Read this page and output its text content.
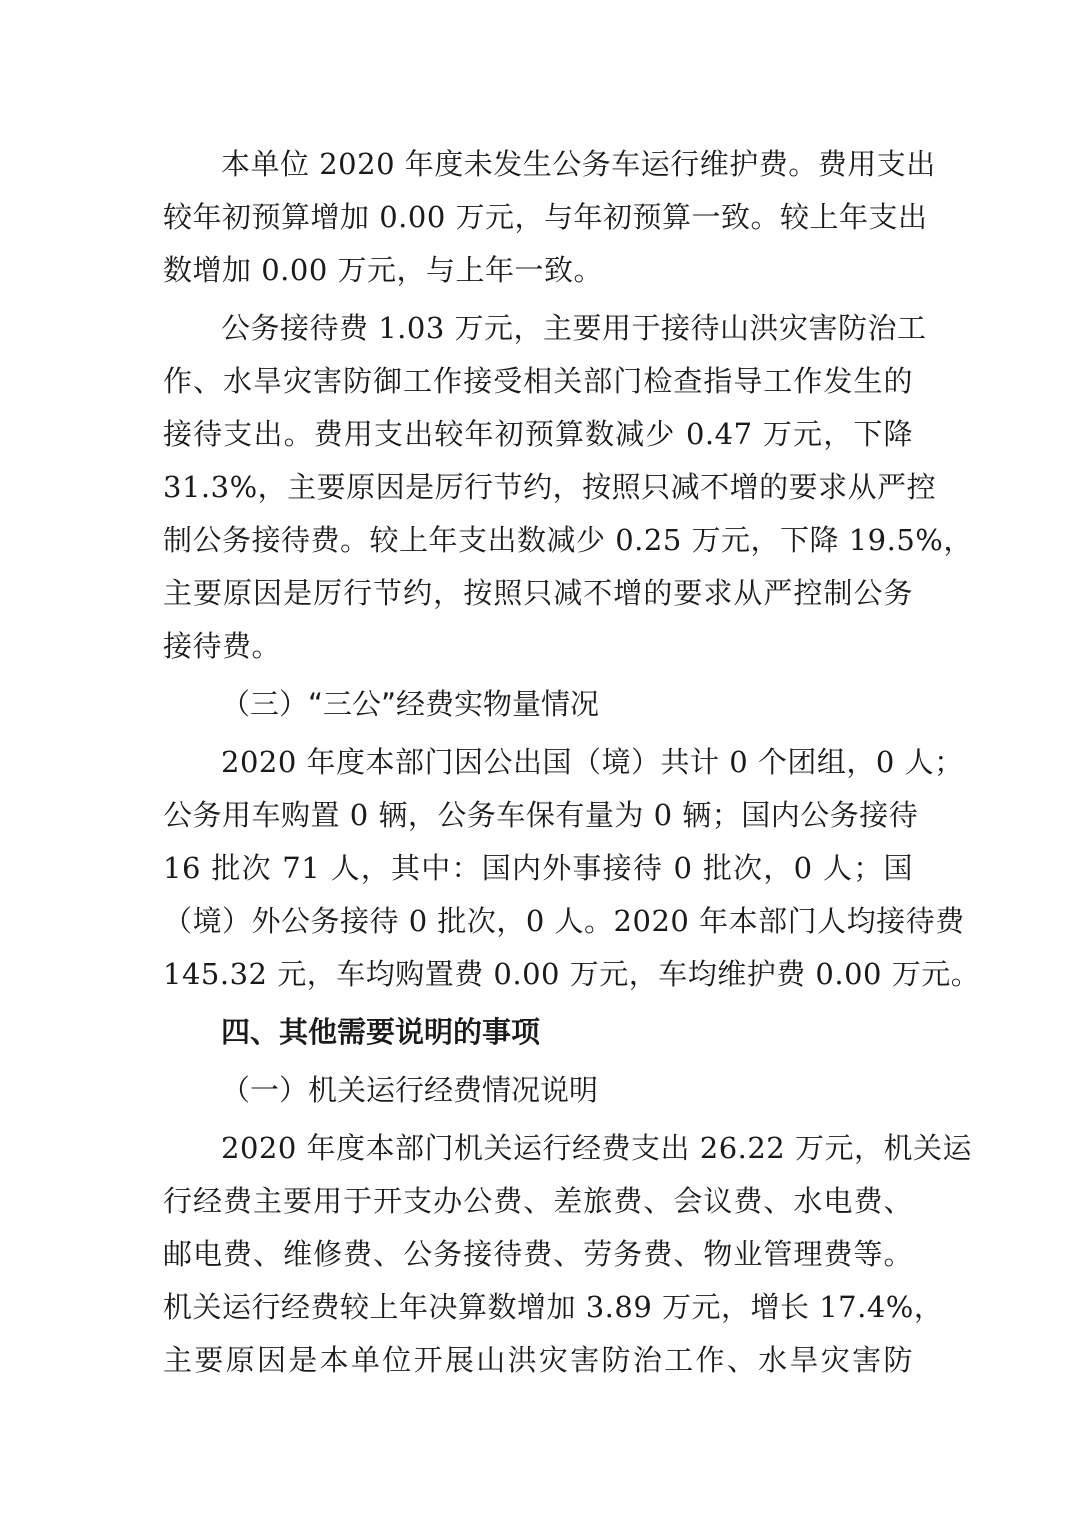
本单位 2020 年度未发生公务车运行维护费。费用支出
较年初预算增加 0.00 万元，与年初预算一致。较上年支出
数增加 0.00 万元，与上年一致。
公务接待费 1.03 万元，主要用于接待山洪灾害防治工
作、水旱灾害防御工作接受相关部门检查指导工作发生的
接待支出。费用支出较年初预算数减少 0.47 万元，下降
31.3%，主要原因是厉行节约，按照只减不增的要求从严控
制公务接待费。较上年支出数减少 0.25 万元，下降 19.5%，
主要原因是厉行节约，按照只减不增的要求从严控制公务
接待费。
（三）“三公”经费实物量情况
2020 年度本部门因公出国（境）共计 0 个团组，0 人；
公务用车购置 0 辆，公务车保有量为 0 辆；国内公务接待
16 批次 71 人，其中：国内外事接待 0 批次，0 人；国
（境）外公务接待 0 批次，0 人。2020 年本部门人均接待费
145.32 元，车均购置费 0.00 万元，车均维护费 0.00 万元。
四、其他需要说明的事项
（一）机关运行经费情况说明
2020 年度本部门机关运行经费支出 26.22 万元，机关运
行经费主要用于开支办公费、差旅费、会议费、水电费、
邮电费、维修费、公务接待费、劳务费、物业管理费等。
机关运行经费较上年决算数增加 3.89 万元，增长 17.4%，
主要原因是本单位开展山洪灾害防治工作、水旱灾害防
